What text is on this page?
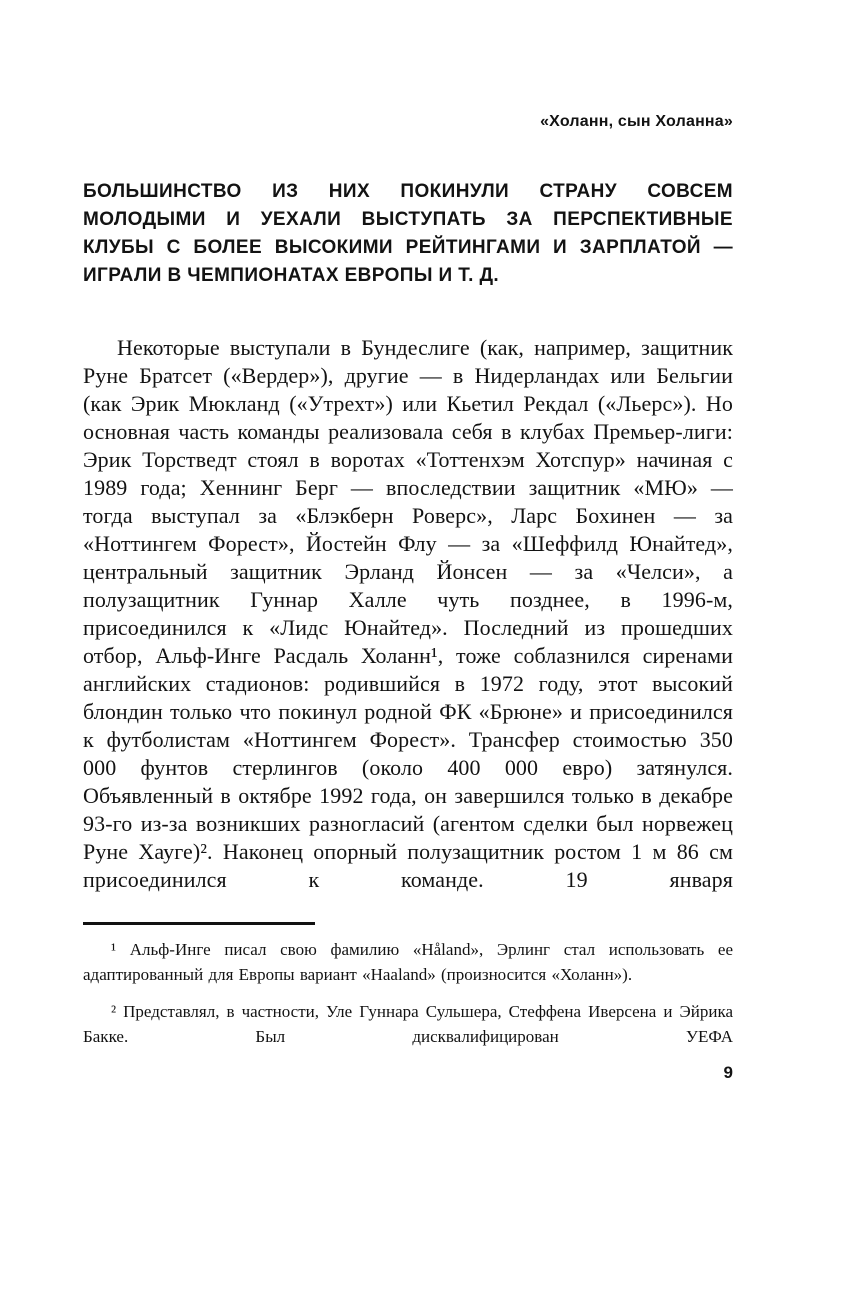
«Холанн, сын Холанна»

БОЛЬШИНСТВО ИЗ НИХ ПОКИНУЛИ СТРАНУ СОВСЕМ МОЛОДЫМИ И УЕХАЛИ ВЫСТУПАТЬ ЗА ПЕРСПЕКТИВНЫЕ КЛУБЫ С БОЛЕЕ ВЫСОКИМИ РЕЙТИНГАМИ И ЗАРПЛАТОЙ — ИГРАЛИ В ЧЕМПИОНАТАХ ЕВРОПЫ И Т. Д.

Некоторые выступали в Бундеслиге (как, например, защитник Руне Братсет («Вердер»), другие — в Нидерландах или Бельгии (как Эрик Мюкланд («Утрехт») или Кьетил Рекдал («Льерс»). Но основная часть команды реализовала себя в клубах Премьер-лиги: Эрик Торстведт стоял в воротах «Тоттенхэм Хотспур» начиная с 1989 года; Хеннинг Берг — впоследствии защитник «МЮ» — тогда выступал за «Блэкберн Роверс», Ларс Бохинен — за «Ноттингем Форест», Йостейн Флу — за «Шеффилд Юнайтед», центральный защитник Эрланд Йонсен — за «Челси», а полузащитник Гуннар Халле чуть позднее, в 1996-м, присоединился к «Лидс Юнайтед». Последний из прошедших отбор, Альф-Инге Расдаль Холанн¹, тоже соблазнился сиренами английских стадионов: родившийся в 1972 году, этот высокий блондин только что покинул родной ФК «Брюне» и присоединился к футболистам «Ноттингем Форест». Трансфер стоимостью 350 000 фунтов стерлингов (около 400 000 евро) затянулся. Объявленный в октябре 1992 года, он завершился только в декабре 93-го из-за возникших разногласий (агентом сделки был норвежец Руне Хауге)². Наконец опорный полузащитник ростом 1 м 86 см присоединился к команде. 19 января

¹ Альф-Инге писал свою фамилию «Håland», Эрлинг стал использовать ее адаптированный для Европы вариант «Haaland» (произносится «Холанн»).

² Представлял, в частности, Уле Гуннара Сульшера, Стеффена Иверсена и Эйрика Бакке. Был дисквалифицирован УЕФА

9
